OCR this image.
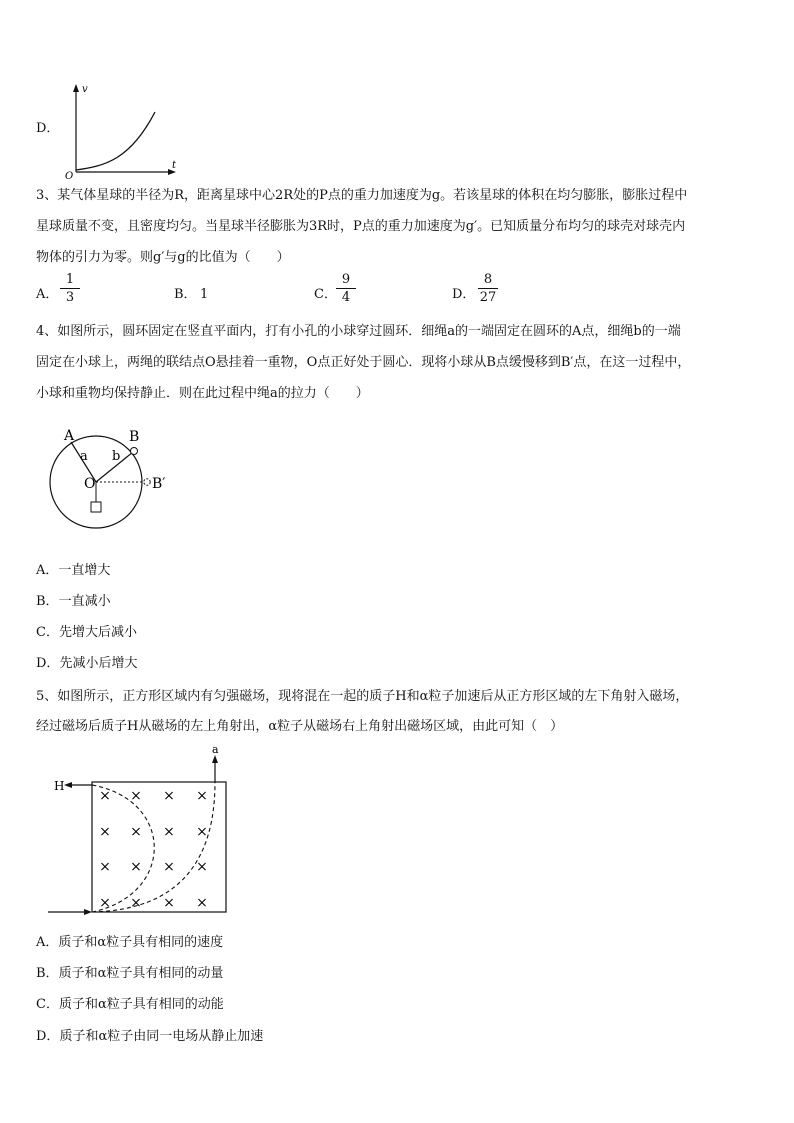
D．
v
t
O
3、某气体星球的半径为R，距离星球中心2R处的P点的重力加速度为g。若该星球的体积在均匀膨胀，膨胀过程中
星球质量不变，且密度均匀。当星球半径膨胀为3R时，P点的重力加速度为g′。已知质量分布均匀的球壳对球壳内
物体的引力为零。则g′与g的比值为（　　）
A．
1
3	B． 1	C．
9
4	D．
8
27
4、如图所示，圆环固定在竖直平面内，打有小孔的小球穿过圆环．细绳a的一端固定在圆环的A点，细绳b的一端
固定在小球上，两绳的联结点O悬挂着一重物，O点正好处于圆心．现将小球从B点缓慢移到B′点，在这一过程中，
小球和重物均保持静止．则在此过程中绳a的拉力（　　）
A	B
a b
O	B′
A．一直增大
B．一直减小
C．先增大后减小
D．先减小后增大
5、如图所示，正方形区域内有匀强磁场，现将混在一起的质子H和α粒子加速后从正方形区域的左下角射入磁场，
经过磁场后质子H从磁场的左上角射出，α粒子从磁场右上角射出磁场区域，由此可知（　）
H
a
× × × ×
× × × ×
× × × ×
× × × ×
A．质子和α粒子具有相同的速度
B．质子和α粒子具有相同的动量
C．质子和α粒子具有相同的动能
D．质子和α粒子由同一电场从静止加速
